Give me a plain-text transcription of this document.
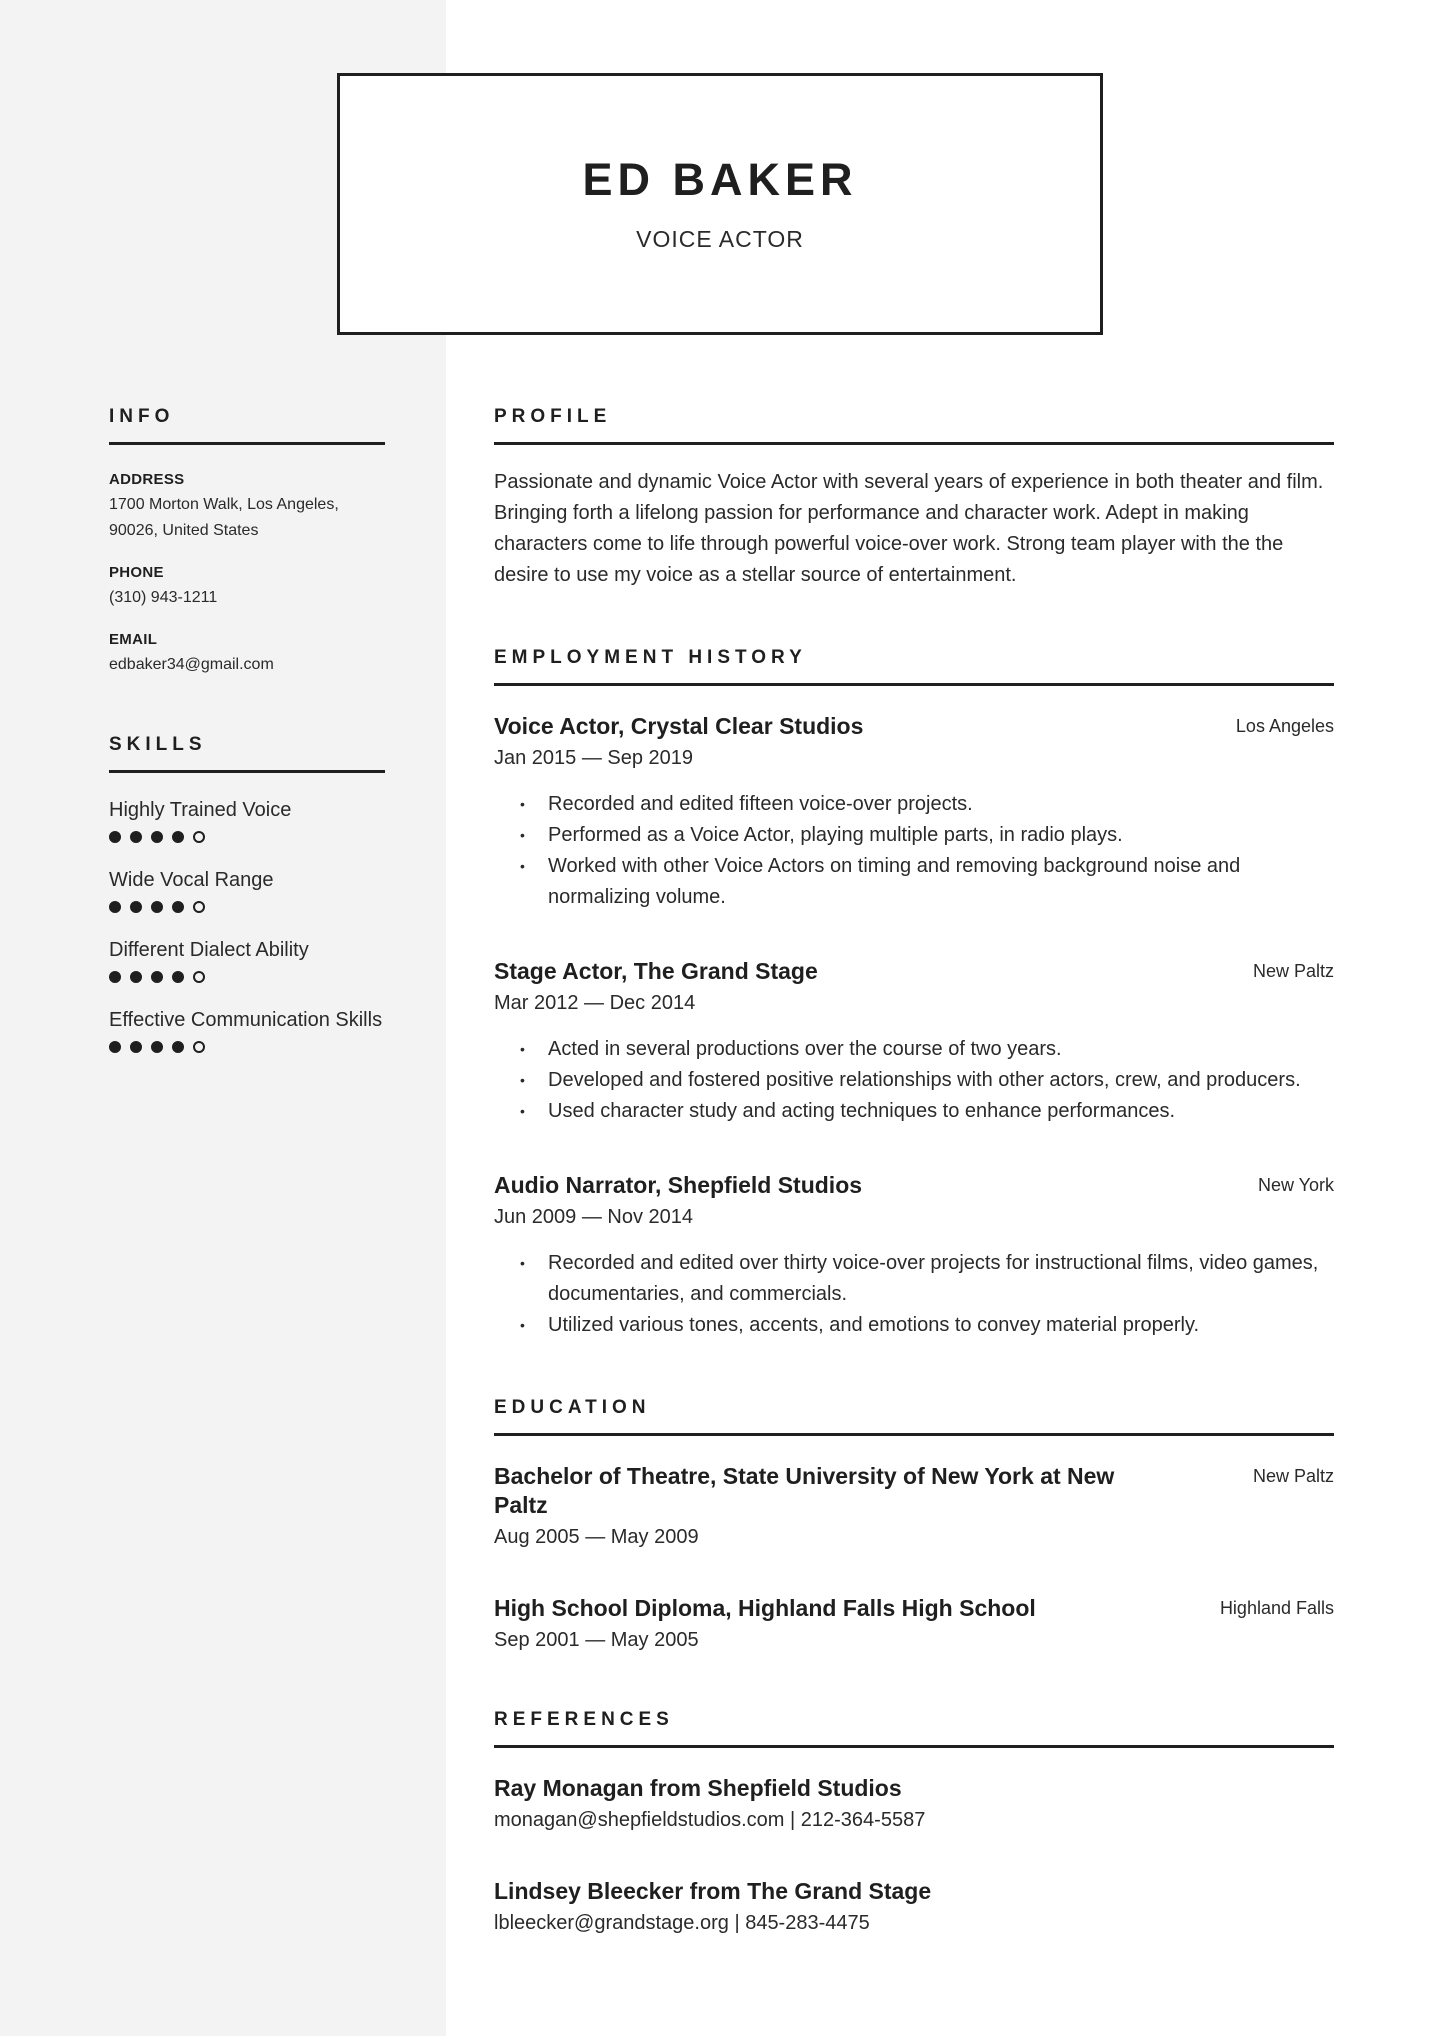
ED BAKER
VOICE ACTOR
INFO
ADDRESS
1700 Morton Walk, Los Angeles,
90026, United States
PHONE
(310) 943-1211
EMAIL
edbaker34@gmail.com
SKILLS
Highly Trained Voice
Wide Vocal Range
Different Dialect Ability
Effective Communication Skills
PROFILE

Passionate and dynamic Voice Actor with several years of experience in both theater and film. Bringing forth a lifelong passion for performance and character work. Adept in making characters come to life through powerful voice-over work. Strong team player with the the desire to use my voice as a stellar source of entertainment.

EMPLOYMENT HISTORY
Voice Actor, Crystal Clear Studios	Los Angeles
Jan 2015 — Sep 2019
• Recorded and edited fifteen voice-over projects.
• Performed as a Voice Actor, playing multiple parts, in radio plays.
• Worked with other Voice Actors on timing and removing background noise and normalizing volume.
Stage Actor, The Grand Stage	New Paltz
Mar 2012 — Dec 2014
• Acted in several productions over the course of two years.
• Developed and fostered positive relationships with other actors, crew, and producers.
• Used character study and acting techniques to enhance performances.
Audio Narrator, Shepfield Studios	New York
Jun 2009 — Nov 2014
• Recorded and edited over thirty voice-over projects for instructional films, video games, documentaries, and commercials.
• Utilized various tones, accents, and emotions to convey material properly.
EDUCATION
Bachelor of Theatre, State University of New York at New Paltz
New Paltz
Aug 2005 — May 2009
High School Diploma, Highland Falls High School	Highland Falls
Sep 2001 — May 2005
REFERENCES
Ray Monagan from Shepfield Studios
monagan@shepfieldstudios.com | 212-364-5587
Lindsey Bleecker from The Grand Stage
lbleecker@grandstage.org | 845-283-4475
